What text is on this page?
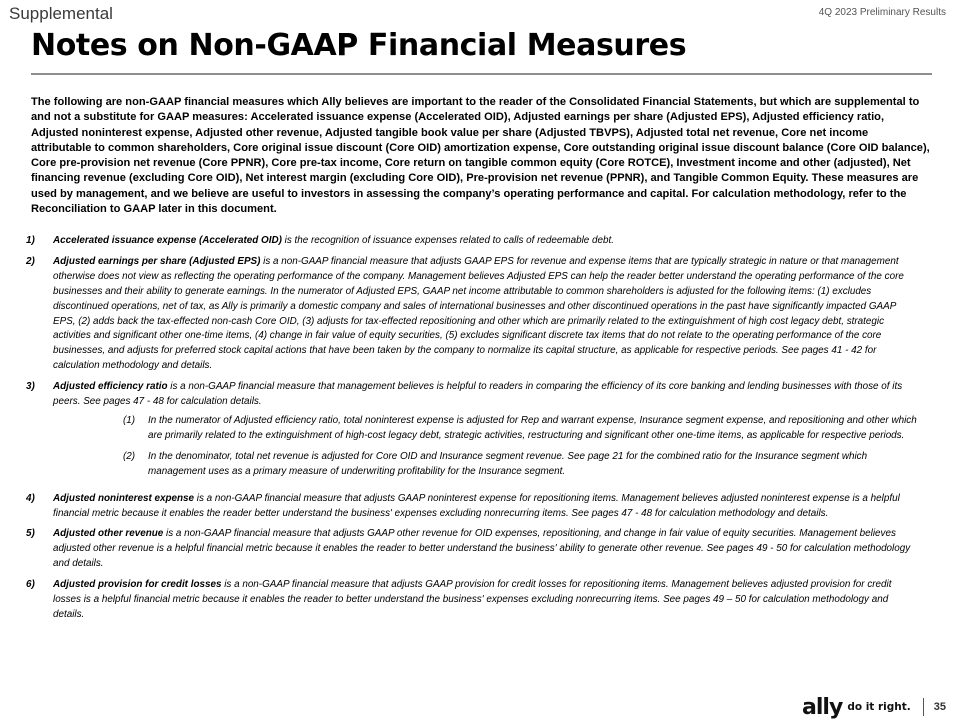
Supplemental	4Q 2023 Preliminary Results
Notes on Non-GAAP Financial Measures

The following are non-GAAP financial measures which Ally believes are important to the reader of the Consolidated Financial Statements, but which are supplemental to and not a substitute for GAAP measures: Accelerated issuance expense (Accelerated OID), Adjusted earnings per share (Adjusted EPS), Adjusted efficiency ratio, Adjusted noninterest expense, Adjusted other revenue, Adjusted tangible book value per share (Adjusted TBVPS), Adjusted total net revenue, Core net income attributable to common shareholders, Core original issue discount (Core OID) amortization expense, Core outstanding original issue discount balance (Core OID balance), Core pre-provision net revenue (Core PPNR), Core pre-tax income, Core return on tangible common equity (Core ROTCE), Investment income and other (adjusted), Net financing revenue (excluding Core OID), Net interest margin (excluding Core OID), Pre-provision net revenue (PPNR), and Tangible Common Equity. These measures are used by management, and we believe are useful to investors in assessing the company’s operating performance and capital. For calculation methodology, refer to the Reconciliation to GAAP later in this document.

1)	Accelerated issuance expense (Accelerated OID) is the recognition of issuance expenses related to calls of redeemable debt.
2)	Adjusted earnings per share (Adjusted EPS) is a non-GAAP financial measure that adjusts GAAP EPS for revenue and expense items that are typically strategic in nature or that management otherwise does not view as reflecting the operating performance of the company. Management believes Adjusted EPS can help the reader better understand the operating performance of the core businesses and their ability to generate earnings. In the numerator of Adjusted EPS, GAAP net income attributable to common shareholders is adjusted for the following items: (1) excludes discontinued operations, net of tax, as Ally is primarily a domestic company and sales of international businesses and other discontinued operations in the past have significantly impacted GAAP EPS, (2) adds back the tax-effected non-cash Core OID, (3) adjusts for tax-effected repositioning and other which are primarily related to the extinguishment of high cost legacy debt, strategic activities and significant other one-time items, (4) change in fair value of equity securities, (5) excludes significant discrete tax items that do not relate to the operating performance of the core businesses, and adjusts for preferred stock capital actions that have been taken by the company to normalize its capital structure, as applicable for respective periods. See pages 41 - 42 for calculation methodology and details.
3)	Adjusted efficiency ratio is a non-GAAP financial measure that management believes is helpful to readers in comparing the efficiency of its core banking and lending businesses with those of its peers. See pages 47 - 48 for calculation details.
(1)	In the numerator of Adjusted efficiency ratio, total noninterest expense is adjusted for Rep and warrant expense, Insurance segment expense, and repositioning and other which are primarily related to the extinguishment of high-cost legacy debt, strategic activities, restructuring and significant other one-time items, as applicable for respective periods.
(2)	In the denominator, total net revenue is adjusted for Core OID and Insurance segment revenue. See page 21 for the combined ratio for the Insurance segment which management uses as a primary measure of underwriting profitability for the Insurance segment.
4)	Adjusted noninterest expense is a non-GAAP financial measure that adjusts GAAP noninterest expense for repositioning items. Management believes adjusted noninterest expense is a helpful financial metric because it enables the reader better understand the business' expenses excluding nonrecurring items. See pages 47 - 48 for calculation methodology and details.
5)	Adjusted other revenue is a non-GAAP financial measure that adjusts GAAP other revenue for OID expenses, repositioning, and change in fair value of equity securities. Management believes adjusted other revenue is a helpful financial metric because it enables the reader to better understand the business' ability to generate other revenue. See pages 49 - 50 for calculation methodology and details.
6)	Adjusted provision for credit losses is a non-GAAP financial measure that adjusts GAAP provision for credit losses for repositioning items. Management believes adjusted provision for credit losses is a helpful financial metric because it enables the reader to better understand the business' expenses excluding nonrecurring items. See pages 49 – 50 for calculation methodology and details.
ally do it right. 35
